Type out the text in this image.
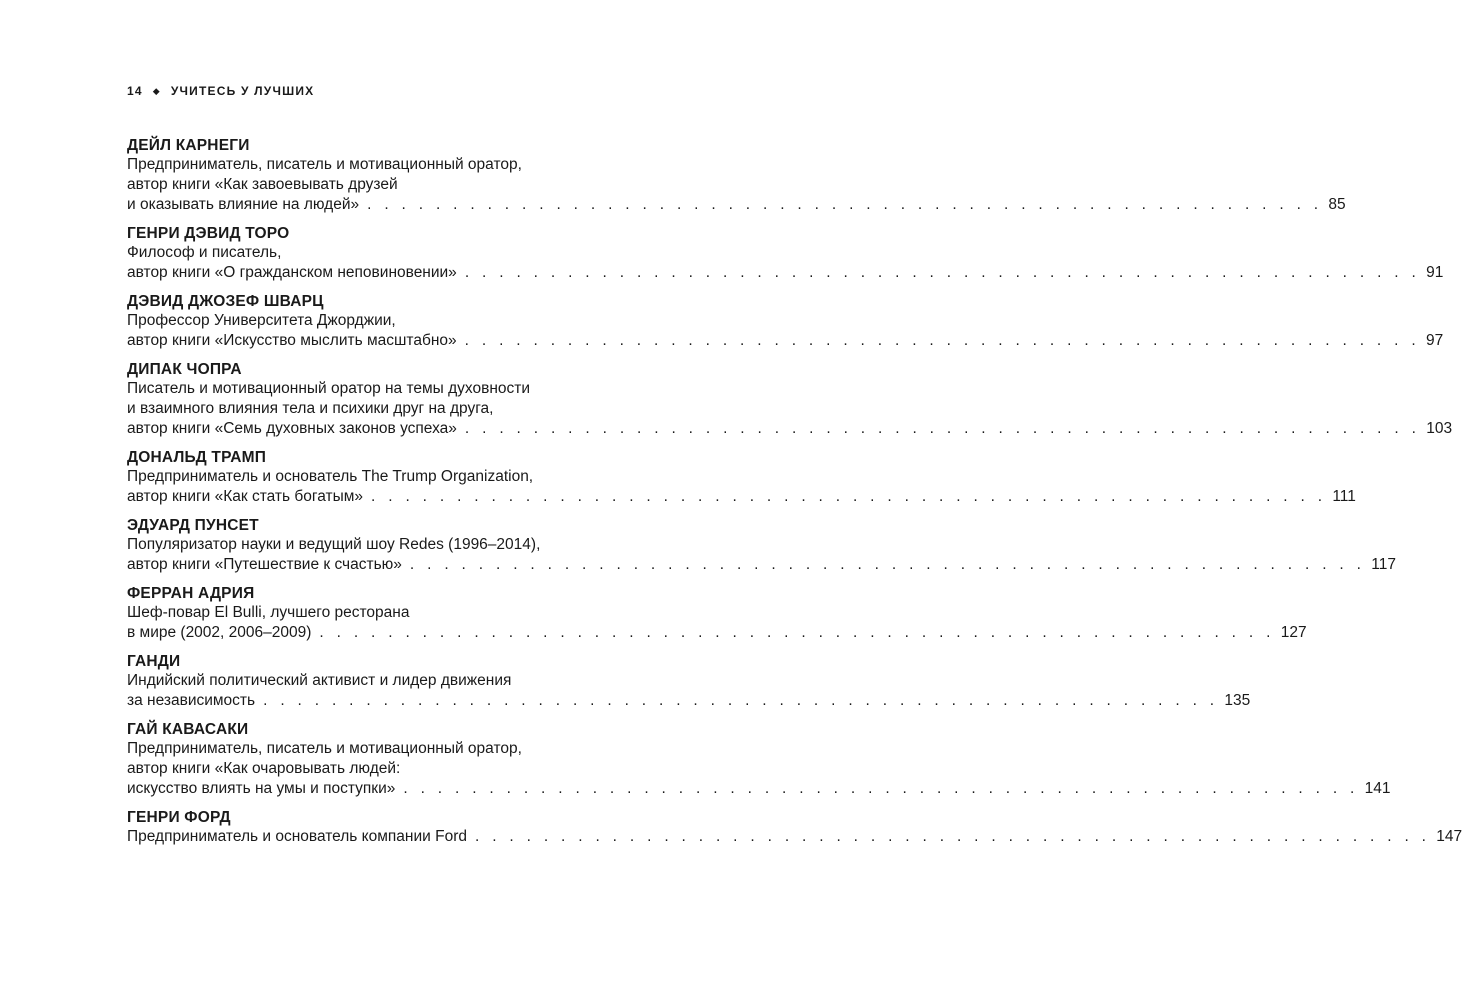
14 ◆ УЧИТЕСЬ У ЛУЧШИХ
ДЕЙЛ КАРНЕГИ
Предприниматель, писатель и мотивационный оратор,
автор книги «Как завоевывать друзей
и оказывать влияние на людей» . . . . . . . . . . . . . . . . . . . . . . . . . . . . . . . . . . . . . . . . . . . . . . . . . . . . . . . . 85
ГЕНРИ ДЭВИД ТОРО
Философ и писатель,
автор книги «О гражданском неповиновении» . . . . . . . . . . . . . . . . . . . . . . . . . . . . . . . . . . . . . . . . . . . . . . . . . . . . . . . . 91
ДЭВИД ДЖОЗЕФ ШВАРЦ
Профессор Университета Джорджии,
автор книги «Искусство мыслить масштабно» . . . . . . . . . . . . . . . . . . . . . . . . . . . . . . . . . . . . . . . . . . . . . . . . . . . . . . . . 97
ДИПАК ЧОПРА
Писатель и мотивационный оратор на темы духовности
и взаимного влияния тела и психики друг на друга,
автор книги «Семь духовных законов успеха» . . . . . . . . . . . . . . . . . . . . . . . . . . . . . . . . . . . . . . . . . . . . . . . . . . . . . . . . 103
ДОНАЛЬД ТРАМП
Предприниматель и основатель The Trump Organization,
автор книги «Как стать богатым» . . . . . . . . . . . . . . . . . . . . . . . . . . . . . . . . . . . . . . . . . . . . . . . . . . . . . . . . 111
ЭДУАРД ПУНСЕТ
Популяризатор науки и ведущий шоу Redes (1996–2014),
автор книги «Путешествие к счастью» . . . . . . . . . . . . . . . . . . . . . . . . . . . . . . . . . . . . . . . . . . . . . . . . . . . . . . . . 117
ФЕРРАН АДРИЯ
Шеф-повар El Bulli, лучшего ресторана
в мире (2002, 2006–2009) . . . . . . . . . . . . . . . . . . . . . . . . . . . . . . . . . . . . . . . . . . . . . . . . . . . . . . . . 127
ГАНДИ
Индийский политический активист и лидер движения
за независимость . . . . . . . . . . . . . . . . . . . . . . . . . . . . . . . . . . . . . . . . . . . . . . . . . . . . . . . . 135
ГАЙ КАВАСАКИ
Предприниматель, писатель и мотивационный оратор,
автор книги «Как очаровывать людей:
искусство влиять на умы и поступки» . . . . . . . . . . . . . . . . . . . . . . . . . . . . . . . . . . . . . . . . . . . . . . . . . . . . . . . . 141
ГЕНРИ ФОРД
Предприниматель и основатель компании Ford . . . . . . . . . . . . . . . . . . . . . . . . . . . . . . . . . . . . . . . . . . . . . . . . . . . . . . . . 147
